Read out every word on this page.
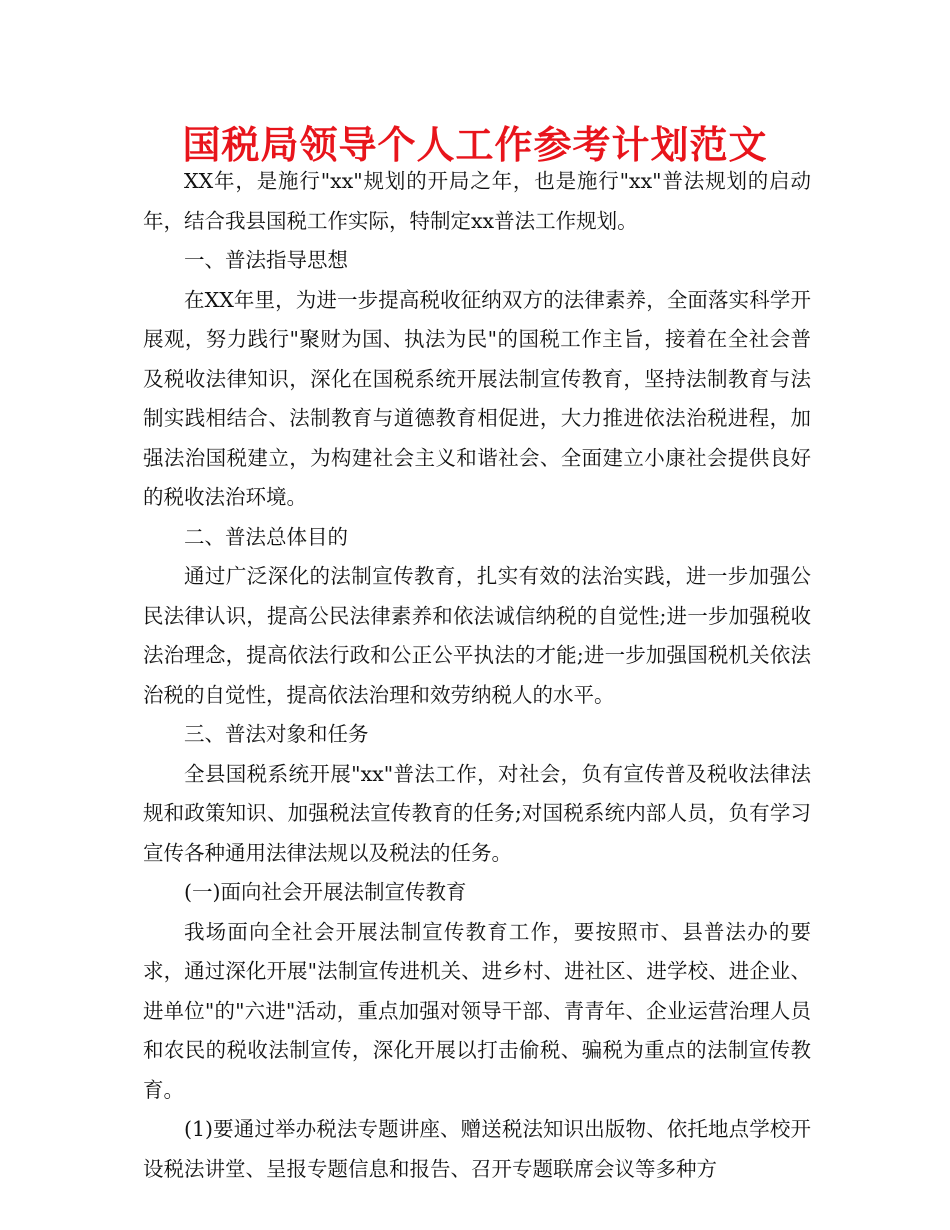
国税局领导个人工作参考计划范文

XX年，是施行"xx"规划的开局之年，也是施行"xx"普法规划的启动年，结合我县国税工作实际，特制定xx普法工作规划。

一、普法指导思想

在XX年里，为进一步提高税收征纳双方的法律素养，全面落实科学开展观，努力践行"聚财为国、执法为民"的国税工作主旨，接着在全社会普及税收法律知识，深化在国税系统开展法制宣传教育，坚持法制教育与法制实践相结合、法制教育与道德教育相促进，大力推进依法治税进程，加强法治国税建立，为构建社会主义和谐社会、全面建立小康社会提供良好的税收法治环境。

二、普法总体目的

通过广泛深化的法制宣传教育，扎实有效的法治实践，进一步加强公民法律认识，提高公民法律素养和依法诚信纳税的自觉性;进一步加强税收法治理念，提高依法行政和公正公平执法的才能;进一步加强国税机关依法治税的自觉性，提高依法治理和效劳纳税人的水平。

三、普法对象和任务

全县国税系统开展"xx"普法工作，对社会，负有宣传普及税收法律法规和政策知识、加强税法宣传教育的任务;对国税系统内部人员，负有学习宣传各种通用法律法规以及税法的任务。

(一)面向社会开展法制宣传教育

我场面向全社会开展法制宣传教育工作，要按照市、县普法办的要求，通过深化开展"法制宣传进机关、进乡村、进社区、进学校、进企业、进单位"的"六进"活动，重点加强对领导干部、青青年、企业运营治理人员和农民的税收法制宣传，深化开展以打击偷税、骗税为重点的法制宣传教育。

(1)要通过举办税法专题讲座、赠送税法知识出版物、依托地点学校开设税法讲堂、呈报专题信息和报告、召开专题联席会议等多种方
